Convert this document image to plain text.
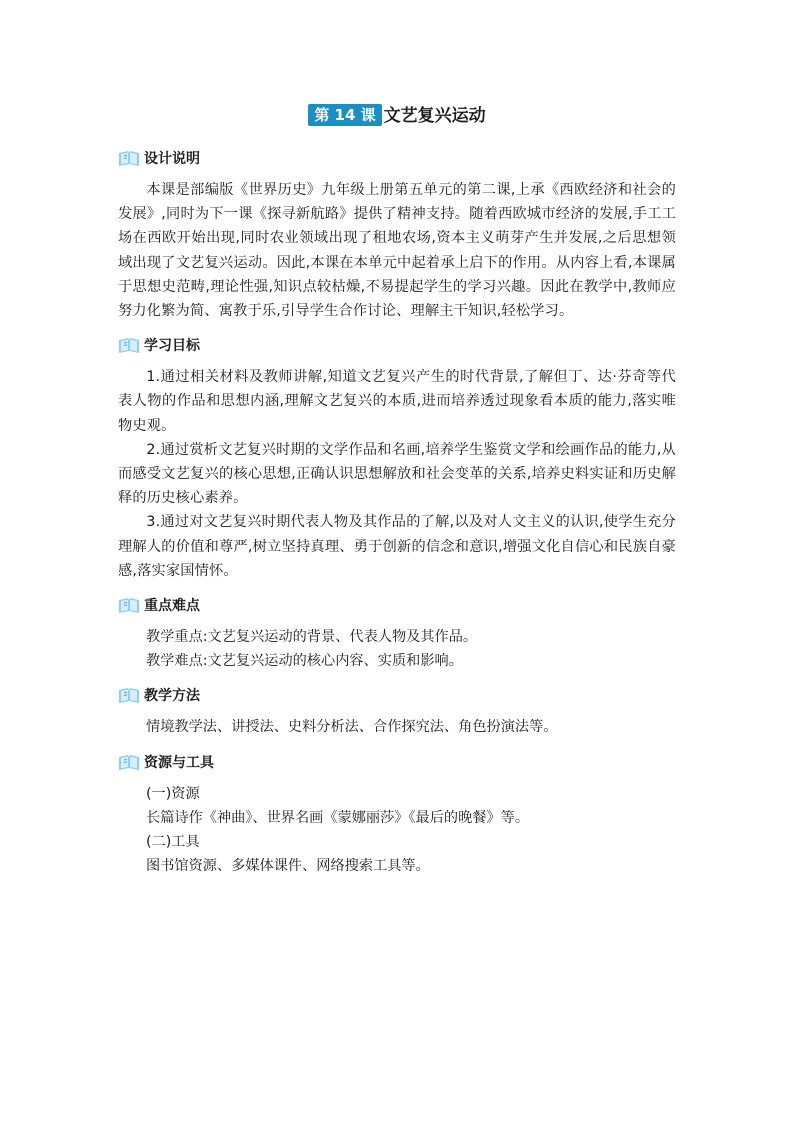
第 14 课 文艺复兴运动
设计说明

本课是部编版《世界历史》九年级上册第五单元的第二课,上承《西欧经济和社会的发展》,同时为下一课《探寻新航路》提供了精神支持。随着西欧城市经济的发展,手工工场在西欧开始出现,同时农业领域出现了租地农场,资本主义萌芽产生并发展,之后思想领域出现了文艺复兴运动。因此,本课在本单元中起着承上启下的作用。从内容上看,本课属于思想史范畴,理论性强,知识点较枯燥,不易提起学生的学习兴趣。因此在教学中,教师应努力化繁为简、寓教于乐,引导学生合作讨论、理解主干知识,轻松学习。

学习目标

1.通过相关材料及教师讲解,知道文艺复兴产生的时代背景,了解但丁、达·芬奇等代表人物的作品和思想内涵,理解文艺复兴的本质,进而培养透过现象看本质的能力,落实唯物史观。

2.通过赏析文艺复兴时期的文学作品和名画,培养学生鉴赏文学和绘画作品的能力,从而感受文艺复兴的核心思想,正确认识思想解放和社会变革的关系,培养史料实证和历史解释的历史核心素养。

3.通过对文艺复兴时期代表人物及其作品的了解,以及对人文主义的认识,使学生充分理解人的价值和尊严,树立坚持真理、勇于创新的信念和意识,增强文化自信心和民族自豪感,落实家国情怀。

重点难点

教学重点:文艺复兴运动的背景、代表人物及其作品。

教学难点:文艺复兴运动的核心内容、实质和影响。

教学方法

情境教学法、讲授法、史料分析法、合作探究法、角色扮演法等。

资源与工具

(一)资源

长篇诗作《神曲》、世界名画《蒙娜丽莎》《最后的晚餐》等。

(二)工具

图书馆资源、多媒体课件、网络搜索工具等。
